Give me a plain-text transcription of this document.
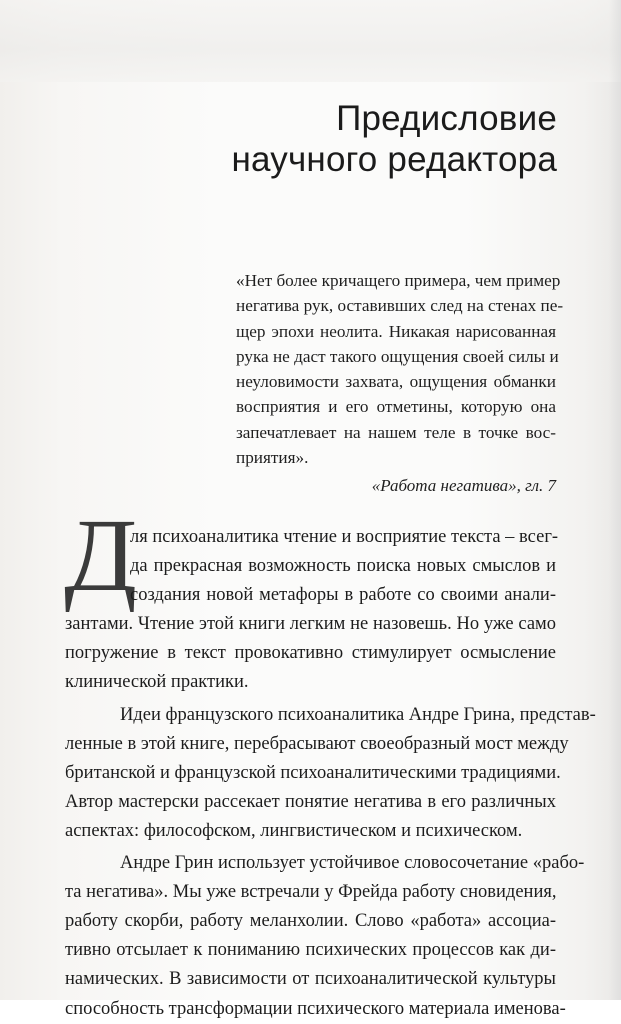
Предисловие
научного редактора
«Нет более кричащего примера, чем пример
негатива рук, оставивших след на стенах пе-
щер эпохи неолита. Никакая нарисованная
рука не даст такого ощущения своей силы и
неуловимости захвата, ощущения обманки
восприятия и его отметины, которую она
запечатлевает на нашем теле в точке вос-
приятия».
«Работа негатива», гл. 7
Д
ля психоаналитика чтение и восприятие текста – всег-
да прекрасная возможность поиска новых смыслов и
создания новой метафоры в работе со своими анали-
зантами. Чтение этой книги легким не назовешь. Но уже само
погружение в текст провокативно стимулирует осмысление
клинической практики.
Идеи французского психоаналитика Андре Грина, представ-
ленные в этой книге, перебрасывают своеобразный мост между
британской и французской психоаналитическими традициями.
Автор мастерски рассекает понятие негатива в его различных
аспектах: философском, лингвистическом и психическом.
Андре Грин использует устойчивое словосочетание «рабо-
та негатива». Мы уже встречали у Фрейда работу сновидения,
работу скорби, работу меланхолии. Слово «работа» ассоциа-
тивно отсылает к пониманию психических процессов как ди-
намических. В зависимости от психоаналитической культуры
способность трансформации психического материала именова-
